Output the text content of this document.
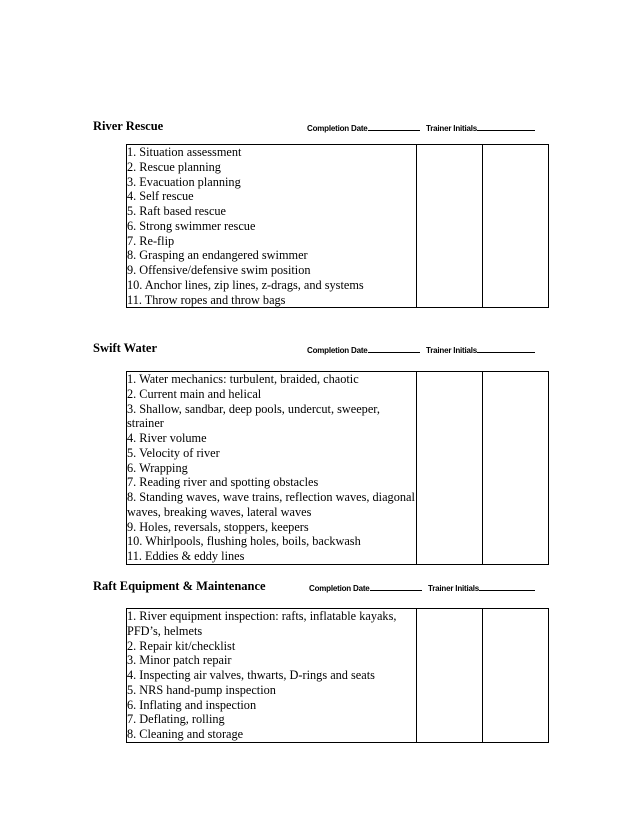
River Rescue	Completion Date	Trainer Initials
1. Situation assessment
2. Rescue planning
3. Evacuation planning
4. Self rescue
5. Raft based rescue
6. Strong swimmer rescue
7. Re-flip
8. Grasping an endangered swimmer
9. Offensive/defensive swim position
10. Anchor lines, zip lines, z-drags, and systems
11. Throw ropes and throw bags

Swift Water	Completion Date	Trainer Initials
1. Water mechanics: turbulent, braided, chaotic
2. Current main and helical
3. Shallow, sandbar, deep pools, undercut, sweeper, strainer
4. River volume
5. Velocity of river
6. Wrapping
7. Reading river and spotting obstacles
8. Standing waves, wave trains, reflection waves, diagonal waves, breaking waves, lateral waves
9. Holes, reversals, stoppers, keepers
10. Whirlpools, flushing holes, boils, backwash
11. Eddies & eddy lines

Raft Equipment & Maintenance	Completion Date	Trainer Initials
1. River equipment inspection: rafts, inflatable kayaks, PFD’s, helmets
2. Repair kit/checklist
3. Minor patch repair
4. Inspecting air valves, thwarts, D-rings and seats
5. NRS hand-pump inspection
6. Inflating and inspection
7. Deflating, rolling
8. Cleaning and storage
